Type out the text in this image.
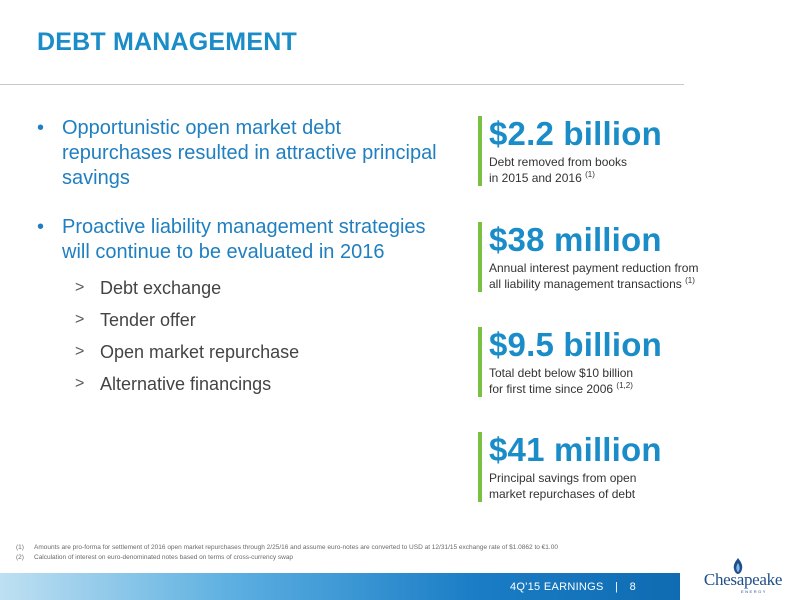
DEBT MANAGEMENT
• Opportunistic open market debt repurchases resulted in attractive principal savings
• Proactive liability management strategies will continue to be evaluated in 2016
> Debt exchange
> Tender offer
> Open market repurchase
> Alternative financings
$2.2 billion
Debt removed from books
in 2015 and 2016 $^{(1)}$
$38 million
Annual interest payment reduction from
all liability management transactions $^{(1)}$
$9.5 billion
Total debt below $10 billion
for first time since 2006 $^{(1,2)}$
$41 million
Principal savings from open
market repurchases of debt
(1) Amounts are pro-forma for settlement of 2016 open market repurchases through 2/25/16 and assume euro-notes are converted to USD at 12/31/15 exchange rate of $1.0862 to €1.00
(2) Calculation of interest on euro-denominated notes based on terms of cross-currency swap
4Q'15 EARNINGS | 8	Chesapeake
ENERGY
